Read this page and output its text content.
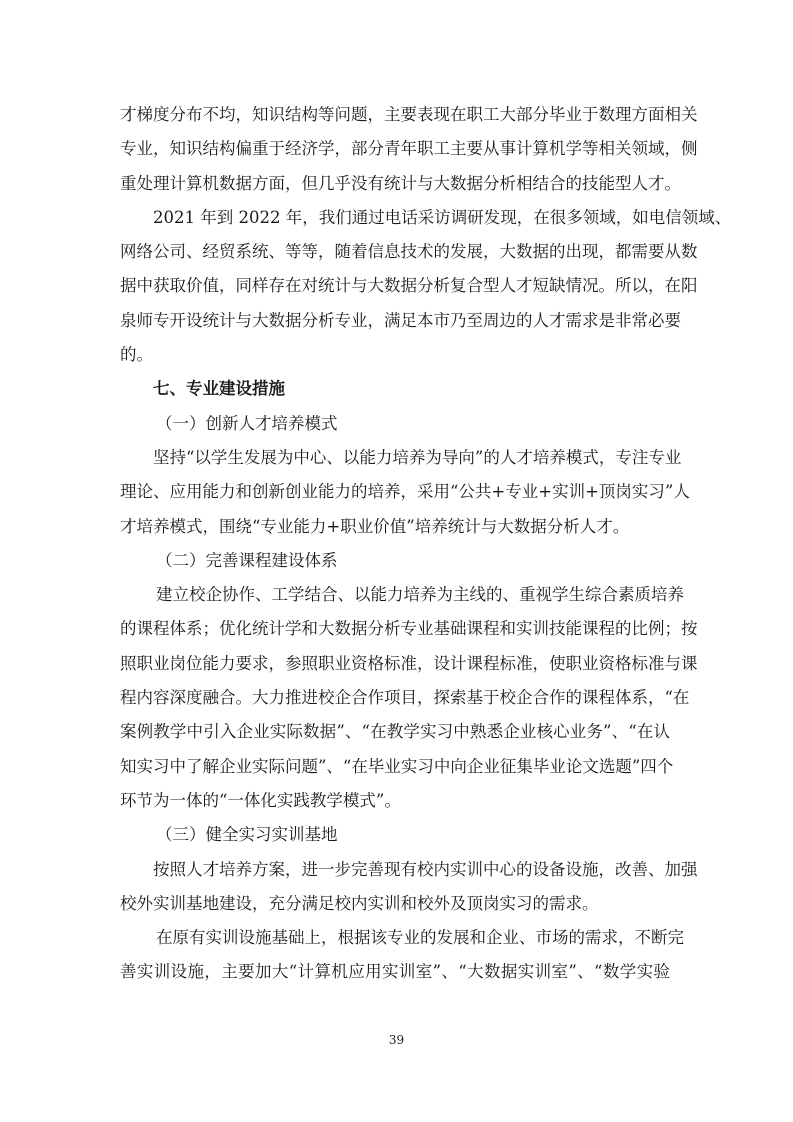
才梯度分布不均，知识结构等问题，主要表现在职工大部分毕业于数理方面相关
专业，知识结构偏重于经济学，部分青年职工主要从事计算机学等相关领域，侧
重处理计算机数据方面，但几乎没有统计与大数据分析相结合的技能型人才。
2021 年到 2022 年，我们通过电话采访调研发现，在很多领域，如电信领域、
网络公司、经贸系统、等等，随着信息技术的发展，大数据的出现，都需要从数
据中获取价值，同样存在对统计与大数据分析复合型人才短缺情况。所以，在阳
泉师专开设统计与大数据分析专业，满足本市乃至周边的人才需求是非常必要
的。
七、专业建设措施
（一）创新人才培养模式
坚持“以学生发展为中心、以能力培养为导向”的人才培养模式，专注专业
理论、应用能力和创新创业能力的培养，采用“公共+专业+实训+顶岗实习”人
才培养模式，围绕“专业能力+职业价值”培养统计与大数据分析人才。
（二）完善课程建设体系
建立校企协作、工学结合、以能力培养为主线的、重视学生综合素质培养
的课程体系；优化统计学和大数据分析专业基础课程和实训技能课程的比例；按
照职业岗位能力要求，参照职业资格标准，设计课程标准，使职业资格标准与课
程内容深度融合。大力推进校企合作项目，探索基于校企合作的课程体系，“在
案例教学中引入企业实际数据”、“在教学实习中熟悉企业核心业务”、“在认
知实习中了解企业实际问题”、“在毕业实习中向企业征集毕业论文选题”四个
环节为一体的“一体化实践教学模式”。
（三）健全实习实训基地
按照人才培养方案，进一步完善现有校内实训中心的设备设施，改善、加强
校外实训基地建设，充分满足校内实训和校外及顶岗实习的需求。
在原有实训设施基础上，根据该专业的发展和企业、市场的需求，不断完
善实训设施，主要加大“计算机应用实训室”、“大数据实训室”、“数学实验
39
